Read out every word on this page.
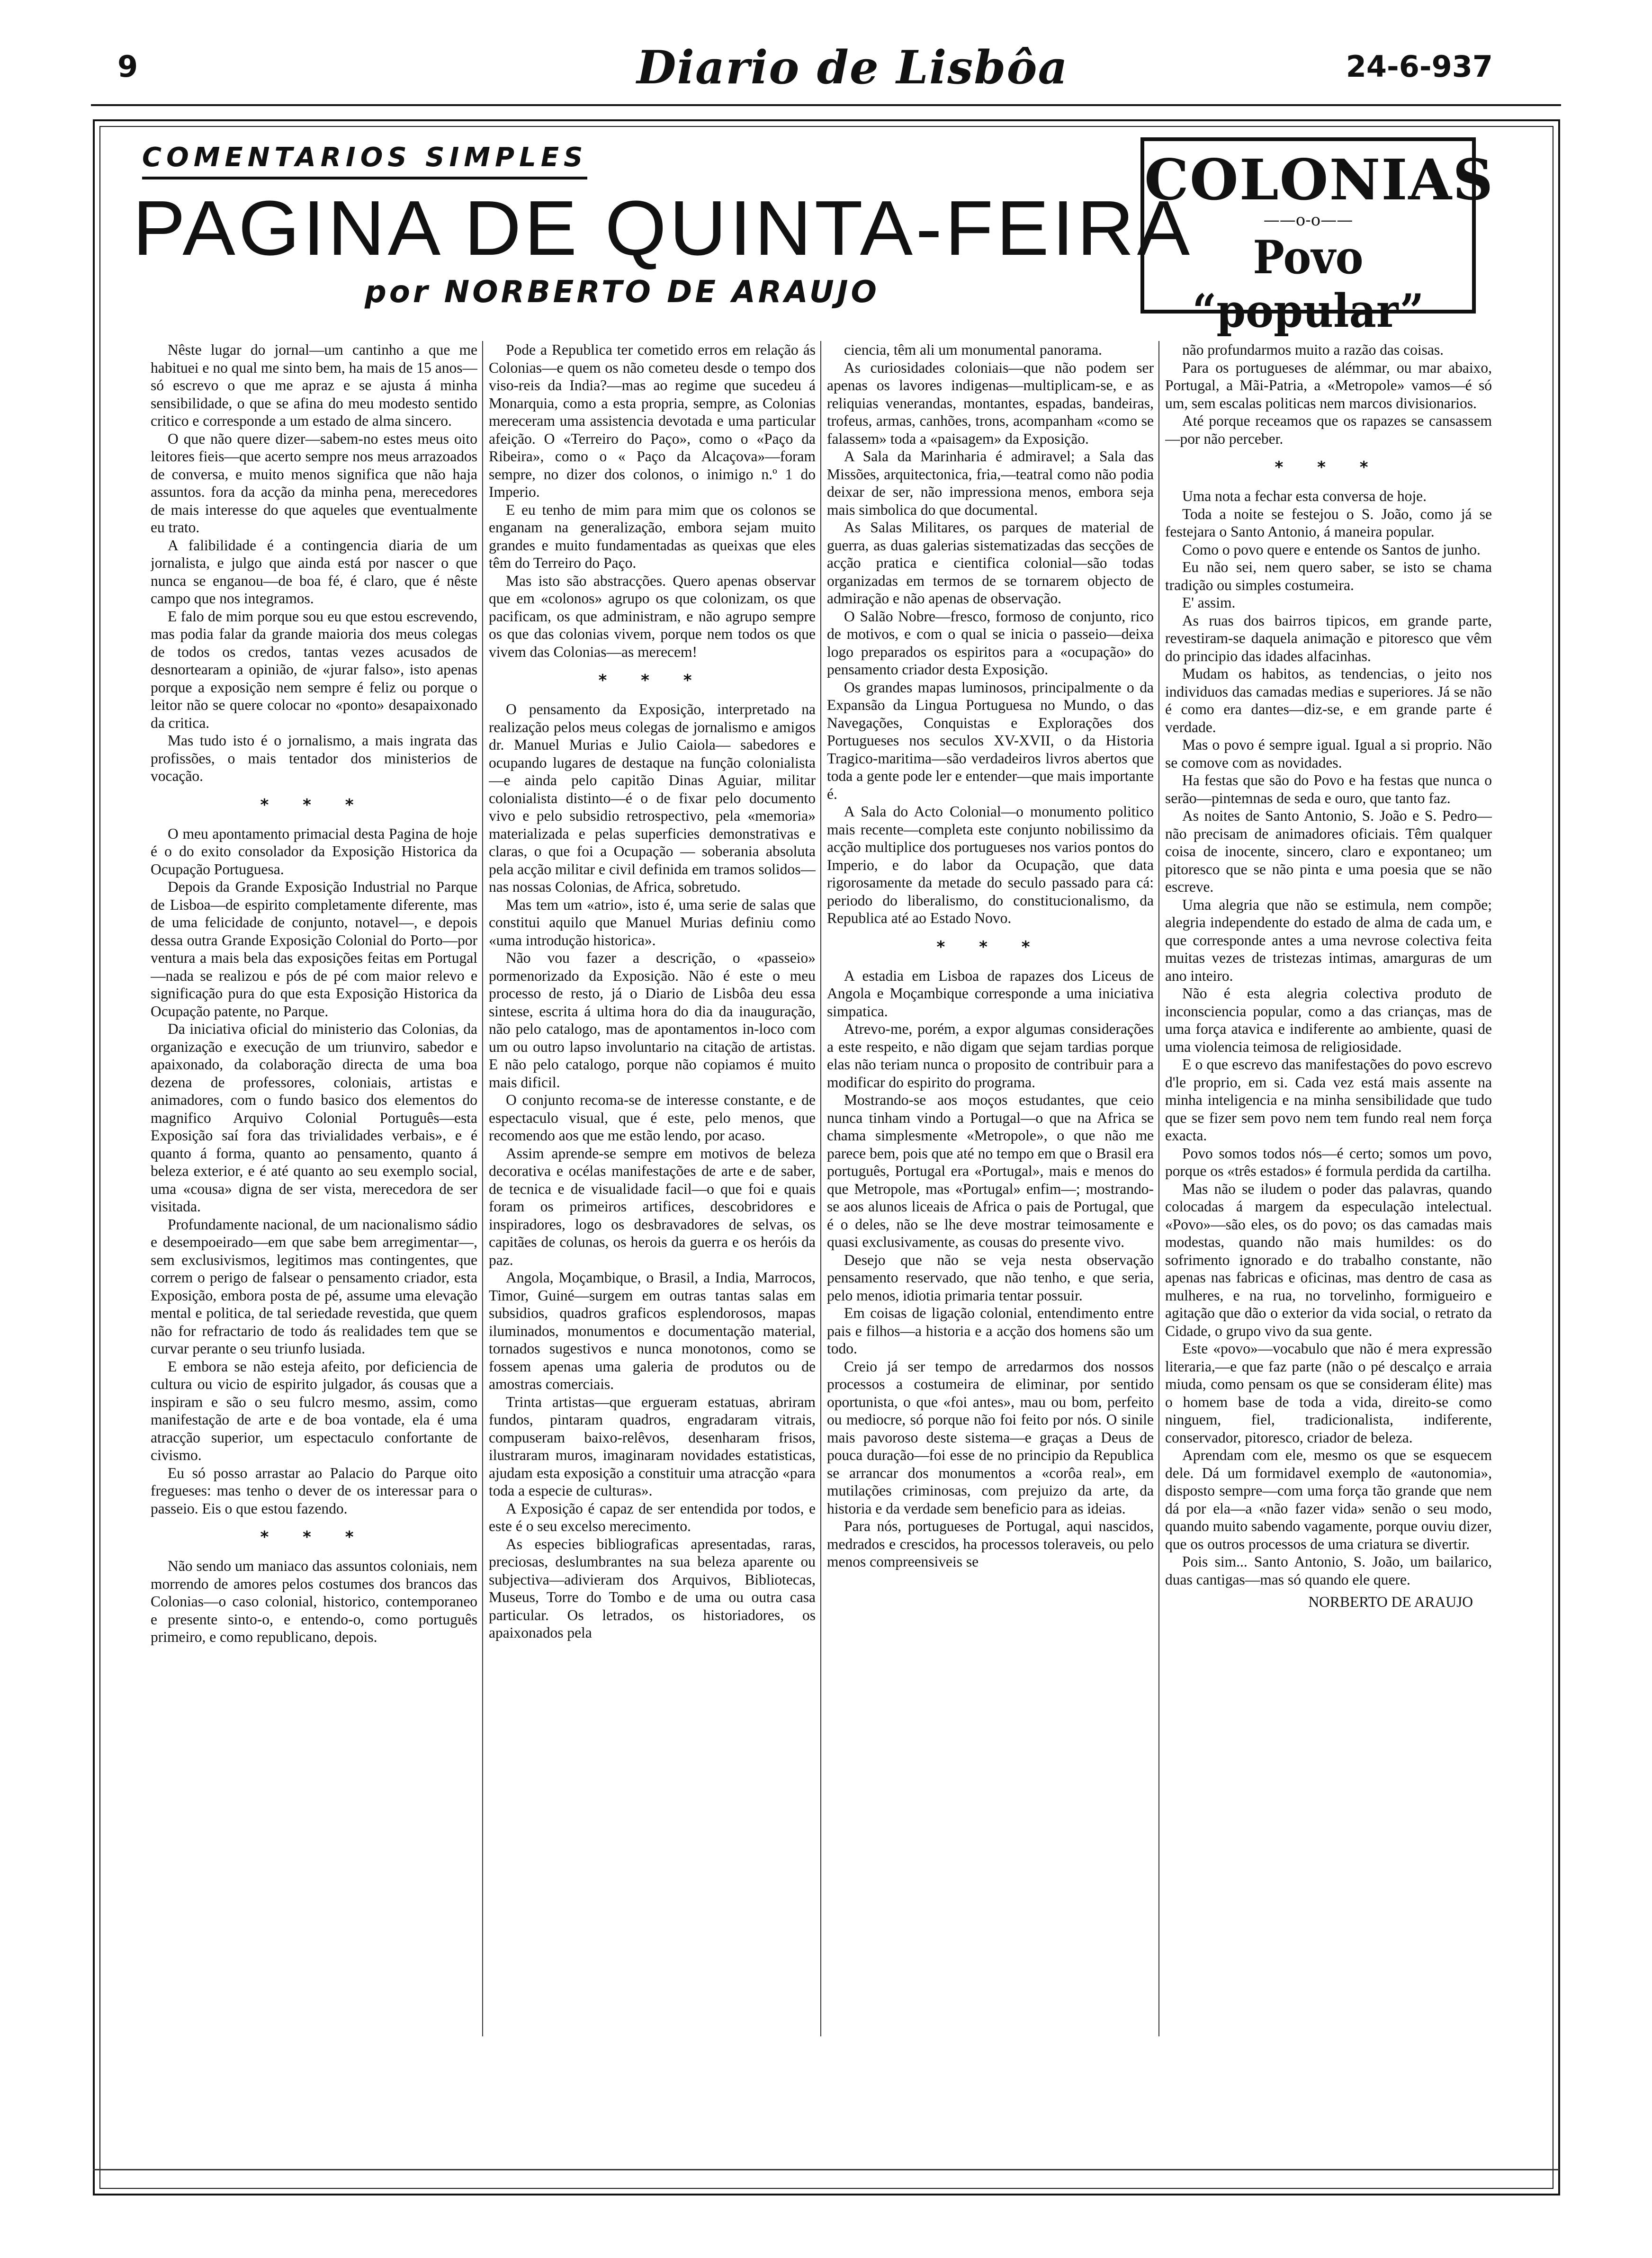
9	Diario de Lisbôa	24-6-937
COMENTARIOS SIMPLES
PAGINA DE QUINTA-FEIRA
por NORBERTO DE ARAUJO
COLONIAS
——o-o——
Povo “popular”

Nêste lugar do jornal—um cantinho a que me habituei e no qual me sinto bem, ha mais de 15 anos—só escrevo o que me apraz e se ajusta á minha sensibilidade, o que se afina do meu modesto sentido critico e corresponde a um estado de alma sincero.

O que não quere dizer—sabem-no estes meus oito leitores fieis—que acerto sempre nos meus arrazoados de conversa, e muito menos significa que não haja assuntos. fora da acção da minha pena, merecedores de mais interesse do que aqueles que eventualmente eu trato.

A falibilidade é a contingencia diaria de um jornalista, e julgo que ainda está por nascer o que nunca se enganou—de boa fé, é claro, que é nêste campo que nos integramos.

E falo de mim porque sou eu que estou escrevendo, mas podia falar da grande maioria dos meus colegas de todos os credos, tantas vezes acusados de desnortearam a opinião, de «jurar falso», isto apenas porque a exposição nem sempre é feliz ou porque o leitor não se quere colocar no «ponto» desapaixonado da critica.

Mas tudo isto é o jornalismo, a mais ingrata das profissões, o mais tentador dos ministerios de vocação.

* * *

O meu apontamento primacial desta Pagina de hoje é o do exito consolador da Exposição Historica da Ocupação Portuguesa.

Depois da Grande Exposição Industrial no Parque de Lisboa—de espirito completamente diferente, mas de uma felicidade de conjunto, notavel—, e depois dessa outra Grande Exposição Colonial do Porto—por ventura a mais bela das exposições feitas em Portugal—nada se realizou e pós de pé com maior relevo e significação pura do que esta Exposição Historica da Ocupação patente, no Parque.

Da iniciativa oficial do ministerio das Colonias, da organização e execução de um triunviro, sabedor e apaixonado, da colaboração directa de uma boa dezena de professores, coloniais, artistas e animadores, com o fundo basico dos elementos do magnifico Arquivo Colonial Português—esta Exposição saí fora das trivialidades verbais», e é quanto á forma, quanto ao pensamento, quanto á beleza exterior, e é até quanto ao seu exemplo social, uma «cousa» digna de ser vista, merecedora de ser visitada.

Profundamente nacional, de um nacionalismo sádio e desempoeirado—em que sabe bem arregimentar—, sem exclusivismos, legitimos mas contingentes, que correm o perigo de falsear o pensamento criador, esta Exposição, embora posta de pé, assume uma elevação mental e politica, de tal seriedade revestida, que quem não for refractario de todo ás realidades tem que se curvar perante o seu triunfo lusiada.

E embora se não esteja afeito, por deficiencia de cultura ou vicio de espirito julgador, ás cousas que a inspiram e são o seu fulcro mesmo, assim, como manifestação de arte e de boa vontade, ela é uma atracção superior, um espectaculo confortante de civismo.

Eu só posso arrastar ao Palacio do Parque oito fregueses: mas tenho o dever de os interessar para o passeio. Eis o que estou fazendo.

* * *

Não sendo um maniaco das assuntos coloniais, nem morrendo de amores pelos costumes dos brancos das Colonias—o caso colonial, historico, contemporaneo e presente sinto-o, e entendo-o, como português primeiro, e como republicano, depois.

Pode a Republica ter cometido erros em relação ás Colonias—e quem os não cometeu desde o tempo dos viso-reis da India?—mas ao regime que sucedeu á Monarquia, como a esta propria, sempre, as Colonias mereceram uma assistencia devotada e uma particular afeição. O «Terreiro do Paço», como o «Paço da Ribeira», como o « Paço da Alcaçova»—foram sempre, no dizer dos colonos, o inimigo n.º 1 do Imperio.

E eu tenho de mim para mim que os colonos se enganam na generalização, embora sejam muito grandes e muito fundamentadas as queixas que eles têm do Terreiro do Paço.

Mas isto são abstracções. Quero apenas observar que em «colonos» agrupo os que colonizam, os que pacificam, os que administram, e não agrupo sempre os que das colonias vivem, porque nem todos os que vivem das Colonias—as merecem!

* * *

O pensamento da Exposição, interpretado na realização pelos meus colegas de jornalismo e amigos dr. Manuel Murias e Julio Caiola— sabedores e ocupando lugares de destaque na função colonialista —e ainda pelo capitão Dinas Aguiar, militar colonialista distinto—é o de fixar pelo documento vivo e pelo subsidio retrospectivo, pela «memoria» materializada e pelas superficies demonstrativas e claras, o que foi a Ocupação — soberania absoluta pela acção militar e civil definida em tramos solidos—nas nossas Colonias, de Africa, sobretudo.

Mas tem um «atrio», isto é, uma serie de salas que constitui aquilo que Manuel Murias definiu como «uma introdução historica».

Não vou fazer a descrição, o «passeio» pormenorizado da Exposição. Não é este o meu processo de resto, já o Diario de Lisbôa deu essa sintese, escrita á ultima hora do dia da inauguração, não pelo catalogo, mas de apontamentos in-loco com um ou outro lapso involuntario na citação de artistas. E não pelo catalogo, porque não copiamos é muito mais dificil.

O conjunto recoma-se de interesse constante, e de espectaculo visual, que é este, pelo menos, que recomendo aos que me estão lendo, por acaso.

Assim aprende-se sempre em motivos de beleza decorativa e océlas manifestações de arte e de saber, de tecnica e de visualidade facil—o que foi e quais foram os primeiros artifices, descobridores e inspiradores, logo os desbravadores de selvas, os capitães de colunas, os herois da guerra e os heróis da paz.

Angola, Moçambique, o Brasil, a India, Marrocos, Timor, Guiné—surgem em outras tantas salas em subsidios, quadros graficos esplendorosos, mapas iluminados, monumentos e documentação material, tornados sugestivos e nunca monotonos, como se fossem apenas uma galeria de produtos ou de amostras comerciais.

Trinta artistas—que ergueram estatuas, abriram fundos, pintaram quadros, engradaram vitrais, compuseram baixo-relêvos, desenharam frisos, ilustraram muros, imaginaram novidades estatisticas, ajudam esta exposição a constituir uma atracção «para toda a especie de culturas».

A Exposição é capaz de ser entendida por todos, e este é o seu excelso merecimento.

As especies bibliograficas apresentadas, raras, preciosas, deslumbrantes na sua beleza aparente ou subjectiva—adivieram dos Arquivos, Bibliotecas, Museus, Torre do Tombo e de uma ou outra casa particular. Os letrados, os historiadores, os apaixonados pela

ciencia, têm ali um monumental panorama.

As curiosidades coloniais—que não podem ser apenas os lavores indigenas—multiplicam-se, e as reliquias venerandas, montantes, espadas, bandeiras, trofeus, armas, canhões, trons, acompanham «como se falassem» toda a «paisagem» da Exposição.

A Sala da Marinharia é admiravel; a Sala das Missões, arquitectonica, fria,—teatral como não podia deixar de ser, não impressiona menos, embora seja mais simbolica do que documental.

As Salas Militares, os parques de material de guerra, as duas galerias sistematizadas das secções de acção pratica e cientifica colonial—são todas organizadas em termos de se tornarem objecto de admiração e não apenas de observação.

O Salão Nobre—fresco, formoso de conjunto, rico de motivos, e com o qual se inicia o passeio—deixa logo preparados os espiritos para a «ocupação» do pensamento criador desta Exposição.

Os grandes mapas luminosos, principalmente o da Expansão da Lingua Portuguesa no Mundo, o das Navegações, Conquistas e Explorações dos Portugueses nos seculos XV-XVII, o da Historia Tragico-maritima—são verdadeiros livros abertos que toda a gente pode ler e entender—que mais importante é.

A Sala do Acto Colonial—o monumento politico mais recente—completa este conjunto nobilissimo da acção multiplice dos portugueses nos varios pontos do Imperio, e do labor da Ocupação, que data rigorosamente da metade do seculo passado para cá: periodo do liberalismo, do constitucionalismo, da Republica até ao Estado Novo.

* * *

A estadia em Lisboa de rapazes dos Liceus de Angola e Moçambique corresponde a uma iniciativa simpatica.

Atrevo-me, porém, a expor algumas considerações a este respeito, e não digam que sejam tardias porque elas não teriam nunca o proposito de contribuir para a modificar do espirito do programa.

Mostrando-se aos moços estudantes, que ceio nunca tinham vindo a Portugal—o que na Africa se chama simplesmente «Metropole», o que não me parece bem, pois que até no tempo em que o Brasil era português, Portugal era «Portugal», mais e menos do que Metropole, mas «Portugal» enfim—; mostrando-se aos alunos liceais de Africa o pais de Portugal, que é o deles, não se lhe deve mostrar teimosamente e quasi exclusivamente, as cousas do presente vivo.

Desejo que não se veja nesta observação pensamento reservado, que não tenho, e que seria, pelo menos, idiotia primaria tentar possuir.

Em coisas de ligação colonial, entendimento entre pais e filhos—a historia e a acção dos homens são um todo.

Creio já ser tempo de arredarmos dos nossos processos a costumeira de eliminar, por sentido oportunista, o que «foi antes», mau ou bom, perfeito ou mediocre, só porque não foi feito por nós. O sinile mais pavoroso deste sistema—e graças a Deus de pouca duração—foi esse de no principio da Republica se arrancar dos monumentos a «corôa real», em mutilações criminosas, com prejuizo da arte, da historia e da verdade sem beneficio para as ideias.

Para nós, portugueses de Portugal, aqui nascidos, medrados e crescidos, ha processos toleraveis, ou pelo menos compreensiveis se

não profundarmos muito a razão das coisas.

Para os portugueses de alémmar, ou mar abaixo, Portugal, a Mãi-Patria, a «Metropole» vamos—é só um, sem escalas politicas nem marcos divisionarios.

Até porque receamos que os rapazes se cansassem—por não perceber.

* * *

Uma nota a fechar esta conversa de hoje.

Toda a noite se festejou o S. João, como já se festejara o Santo Antonio, á maneira popular.

Como o povo quere e entende os Santos de junho.

Eu não sei, nem quero saber, se isto se chama tradição ou simples costumeira.

E' assim.

As ruas dos bairros tipicos, em grande parte, revestiram-se daquela animação e pitoresco que vêm do principio das idades alfacinhas.

Mudam os habitos, as tendencias, o jeito nos individuos das camadas medias e superiores. Já se não é como era dantes—diz-se, e em grande parte é verdade.

Mas o povo é sempre igual. Igual a si proprio. Não se comove com as novidades.

Ha festas que são do Povo e ha festas que nunca o serão—pintemnas de seda e ouro, que tanto faz.

As noites de Santo Antonio, S. João e S. Pedro—não precisam de animadores oficiais. Têm qualquer coisa de inocente, sincero, claro e expontaneo; um pitoresco que se não pinta e uma poesia que se não escreve.

Uma alegria que não se estimula, nem compõe; alegria independente do estado de alma de cada um, e que corresponde antes a uma nevrose colectiva feita muitas vezes de tristezas intimas, amarguras de um ano inteiro.

Não é esta alegria colectiva produto de inconsciencia popular, como a das crianças, mas de uma força atavica e indiferente ao ambiente, quasi de uma violencia teimosa de religiosidade.

E o que escrevo das manifestações do povo escrevo d'le proprio, em si. Cada vez está mais assente na minha inteligencia e na minha sensibilidade que tudo que se fizer sem povo nem tem fundo real nem força exacta.

Povo somos todos nós—é certo; somos um povo, porque os «três estados» é formula perdida da cartilha.

Mas não se iludem o poder das palavras, quando colocadas á margem da especulação intelectual. «Povo»—são eles, os do povo; os das camadas mais modestas, quando não mais humildes: os do sofrimento ignorado e do trabalho constante, não apenas nas fabricas e oficinas, mas dentro de casa as mulheres, e na rua, no torvelinho, formigueiro e agitação que dão o exterior da vida social, o retrato da Cidade, o grupo vivo da sua gente.

Este «povo»—vocabulo que não é mera expressão literaria,—e que faz parte (não o pé descalço e arraia miuda, como pensam os que se consideram élite) mas o homem base de toda a vida, direito-se como ninguem, fiel, tradicionalista, indiferente, conservador, pitoresco, criador de beleza.

Aprendam com ele, mesmo os que se esquecem dele. Dá um formidavel exemplo de «autonomia», disposto sempre—com uma força tão grande que nem dá por ela—a «não fazer vida» senão o seu modo, quando muito sabendo vagamente, porque ouviu dizer, que os outros processos de uma criatura se divertir.

Pois sim... Santo Antonio, S. João, um bailarico, duas cantigas—mas só quando ele quere.

NORBERTO DE ARAUJO
